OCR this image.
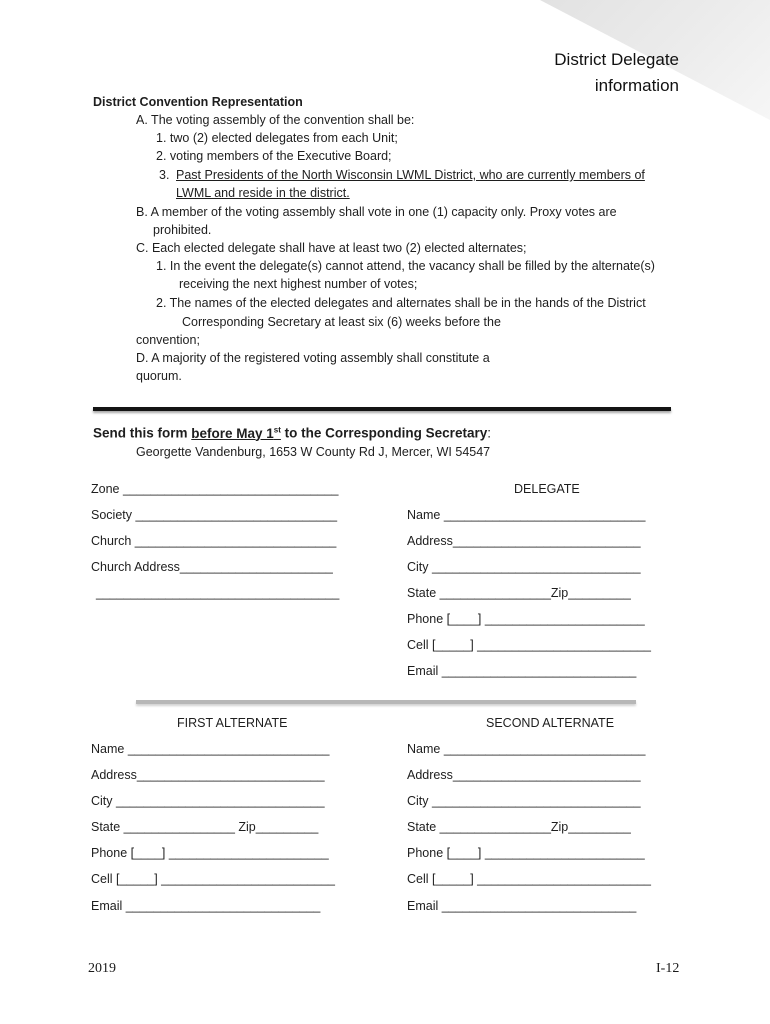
District Delegate
information
District Convention Representation
A. The voting assembly of the convention shall be:
1. two (2) elected delegates from each Unit;
2. voting members of the Executive Board;
3. Past Presidents of the North Wisconsin LWML District, who are currently members of
LWML and reside in the district.
B. A member of the voting assembly shall vote in one (1) capacity only. Proxy votes are
prohibited.
C. Each elected delegate shall have at least two (2) elected alternates;
1. In the event the delegate(s) cannot attend, the vacancy shall be filled by the alternate(s)
receiving the next highest number of votes;
2. The names of the elected delegates and alternates shall be in the hands of the District
Corresponding Secretary at least six (6) weeks before the
convention;
D. A majority of the registered voting assembly shall constitute a
quorum.
Send this form before May 1st to the Corresponding Secretary:
Georgette Vandenburg, 1653 W County Rd J, Mercer, WI 54547
Zone _______________________________
Society _____________________________
Church _____________________________
Church Address______________________
___________________________________
DELEGATE
Name _____________________________
Address___________________________
City ______________________________
State ________________Zip_________
Phone [____] _______________________
Cell [_____] _________________________
Email ____________________________
FIRST ALTERNATE
Name _____________________________
Address___________________________
City ______________________________
State ________________ Zip_________
Phone [____] _______________________
Cell [_____] _________________________
Email ____________________________
SECOND ALTERNATE
Name _____________________________
Address___________________________
City ______________________________
State ________________Zip_________
Phone [____] _______________________
Cell [_____] _________________________
Email ____________________________
2019	I-12
